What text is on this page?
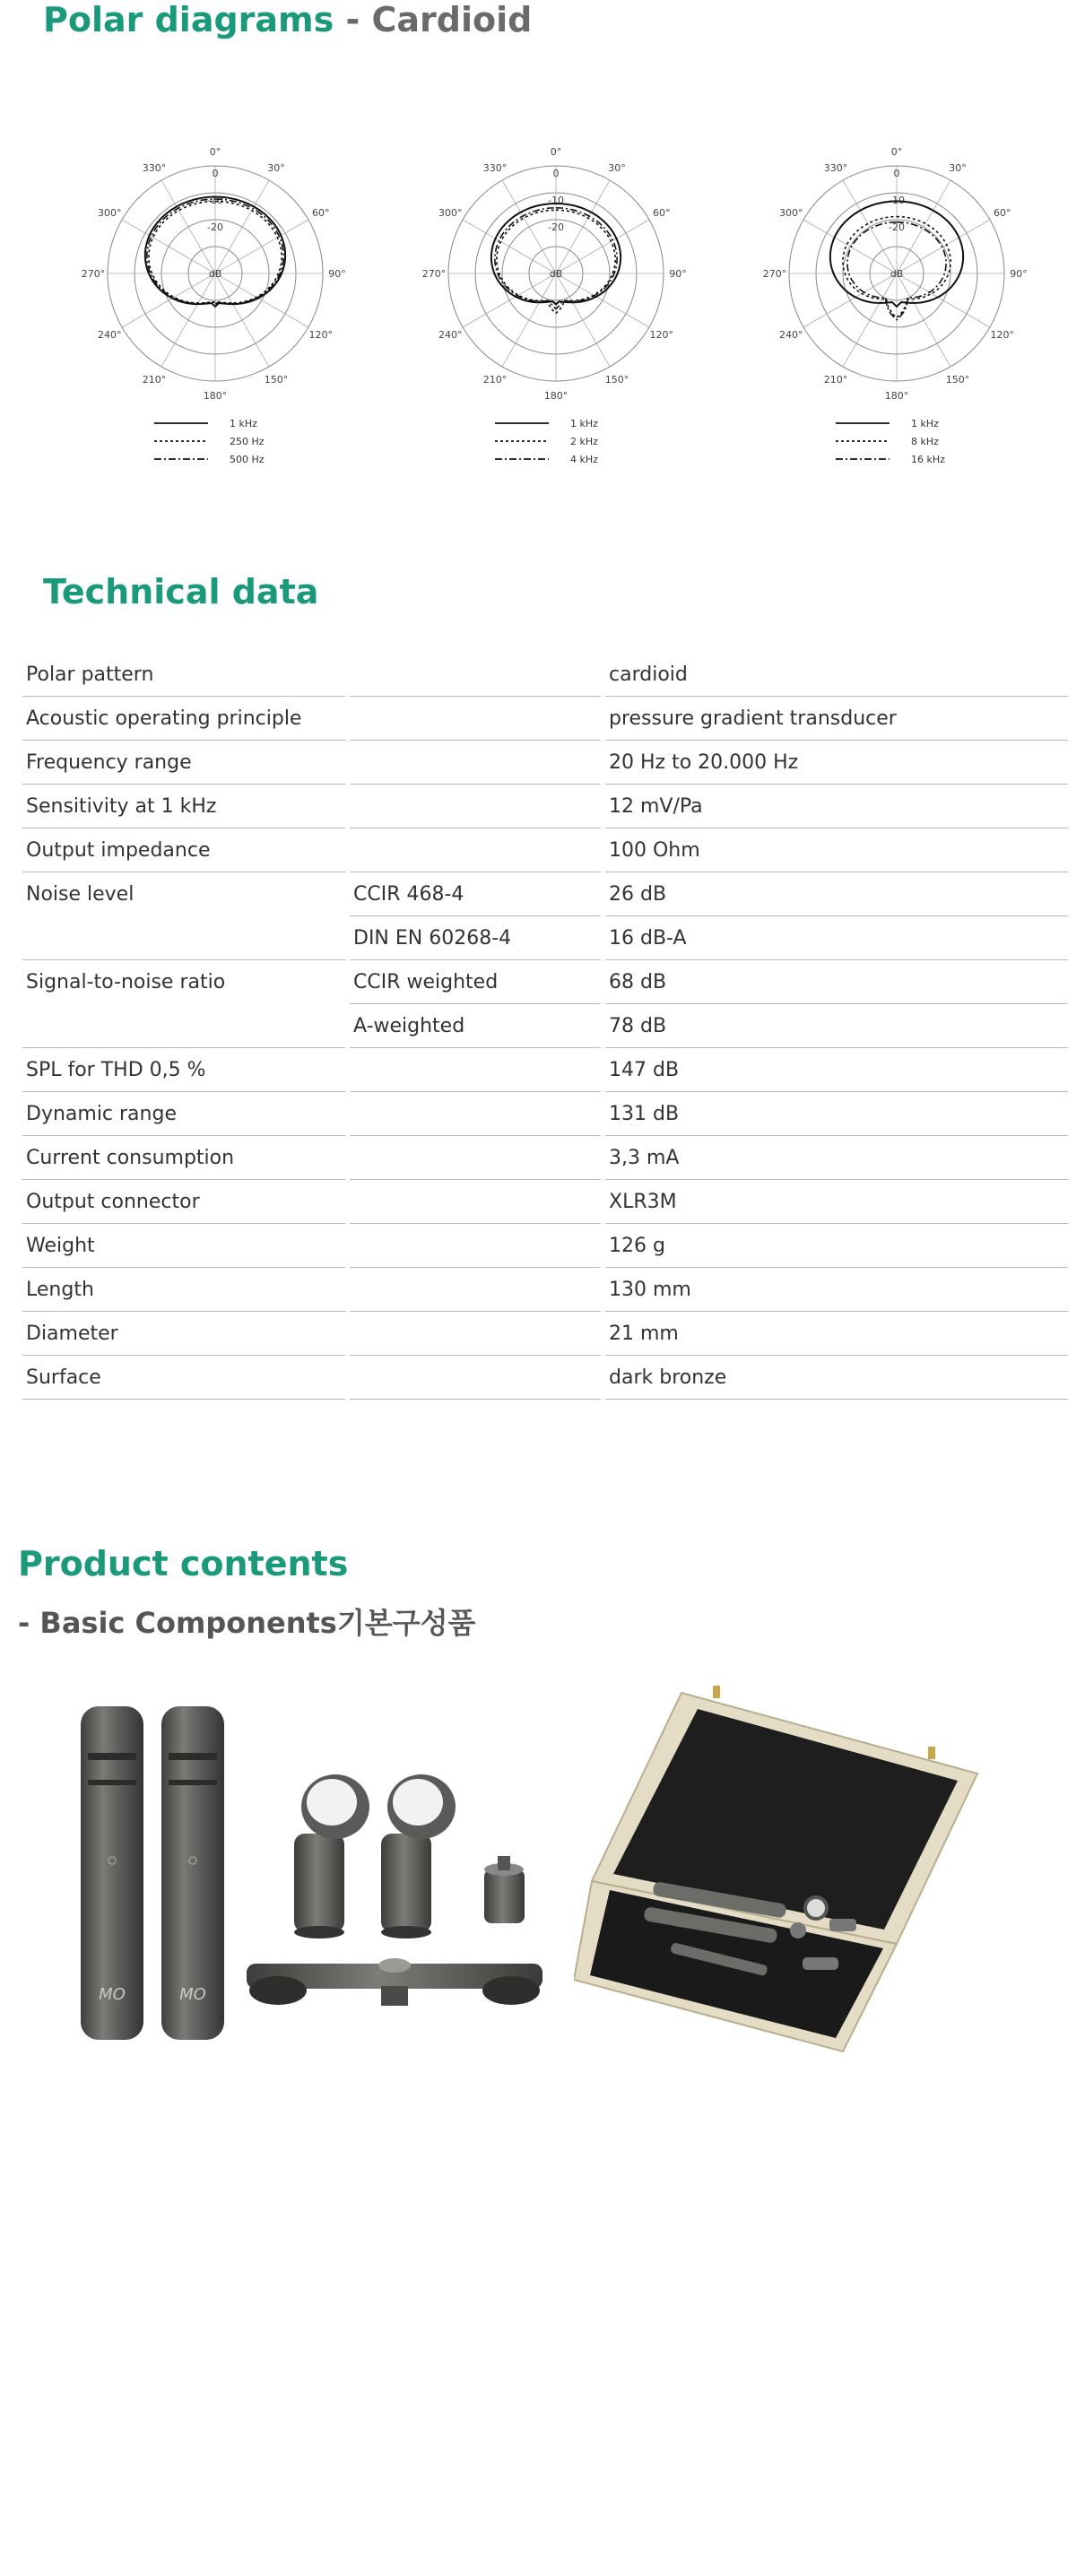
Polar diagrams - Cardioid
0°
30°
60°
90°
120°
150°
180°
210°
240°
270°
300°
330°	0
-10
-20
dB
1 kHz
250 Hz
500 Hz
0°
30°
60°
90°
120°
150°
180°
210°
240°
270°
300°
330°	0
-10
-20
dB
1 kHz
2 kHz
4 kHz
0°
30°
60°
90°
120°
150°
180°
210°
240°
270°
300°
330°	0
-10
-20
dB
1 kHz
8 kHz
16 kHz
Technical data
Polar pattern		cardioid
Acoustic operating principle		pressure gradient transducer
Frequency range		20 Hz to 20.000 Hz
Sensitivity at 1 kHz		12 mV/Pa
Output impedance		100 Ohm
Noise level	CCIR 468-4	26 dB
	DIN EN 60268-4	16 dB-A
Signal-to-noise ratio	CCIR weighted	68 dB
	A-weighted	78 dB
SPL for THD 0,5 %		147 dB
Dynamic range		131 dB
Current consumption		3,3 mA
Output connector		XLR3M
Weight		126 g
Length		130 mm
Diameter		21 mm
Surface		dark bronze
Product contents
- Basic Components기본구성품
MO	MO
